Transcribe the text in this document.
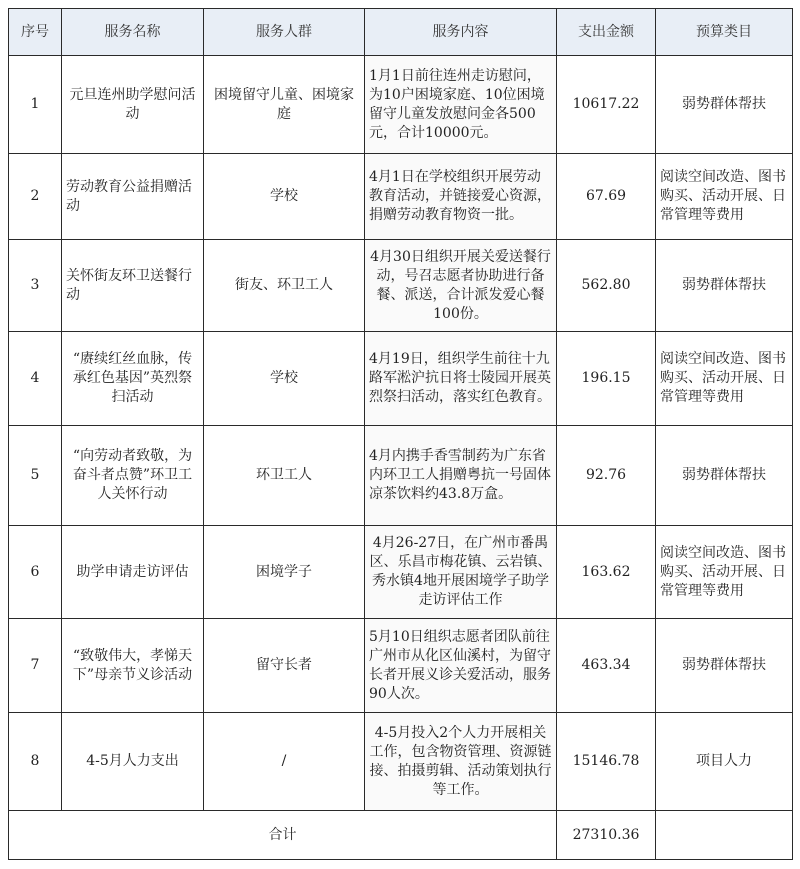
序号	服务名称	服务人群	服务内容	支出金额	预算类目
1	元旦连州助学慰问活动	困境留守儿童、困境家庭	1月1日前往连州走访慰问，为10户困境家庭、10位困境留守儿童发放慰问金各500元，合计10000元。	10617.22	弱势群体帮扶
2	劳动教育公益捐赠活动	学校	4月1日在学校组织开展劳动教育活动，并链接爱心资源，捐赠劳动教育物资一批。	67.69	阅读空间改造、图书购买、活动开展、日常管理等费用
3	关怀街友环卫送餐行动	街友、环卫工人	4月30日组织开展关爱送餐行动，号召志愿者协助进行备餐、派送，合计派发爱心餐100份。	562.80	弱势群体帮扶
4	“赓续红丝血脉，传承红色基因”英烈祭扫活动	学校	4月19日，组织学生前往十九路军淞沪抗日将士陵园开展英烈祭扫活动，落实红色教育。	196.15	阅读空间改造、图书购买、活动开展、日常管理等费用
5	“向劳动者致敬，为奋斗者点赞”环卫工人关怀行动	环卫工人	4月内携手香雪制药为广东省内环卫工人捐赠粤抗一号固体凉茶饮料约43.8万盒。	92.76	弱势群体帮扶
6	助学申请走访评估	困境学子	4月26-27日，在广州市番禺区、乐昌市梅花镇、云岩镇、秀水镇4地开展困境学子助学走访评估工作	163.62	阅读空间改造、图书购买、活动开展、日常管理等费用
7	“致敬伟大，孝悌天下”母亲节义诊活动	留守长者	5月10日组织志愿者团队前往广州市从化区仙溪村，为留守长者开展义诊关爱活动，服务90人次。	463.34	弱势群体帮扶
8	4-5月人力支出	/	4-5月投入2个人力开展相关工作，包含物资管理、资源链接、拍摄剪辑、活动策划执行等工作。	15146.78	项目人力
合计				27310.36	
